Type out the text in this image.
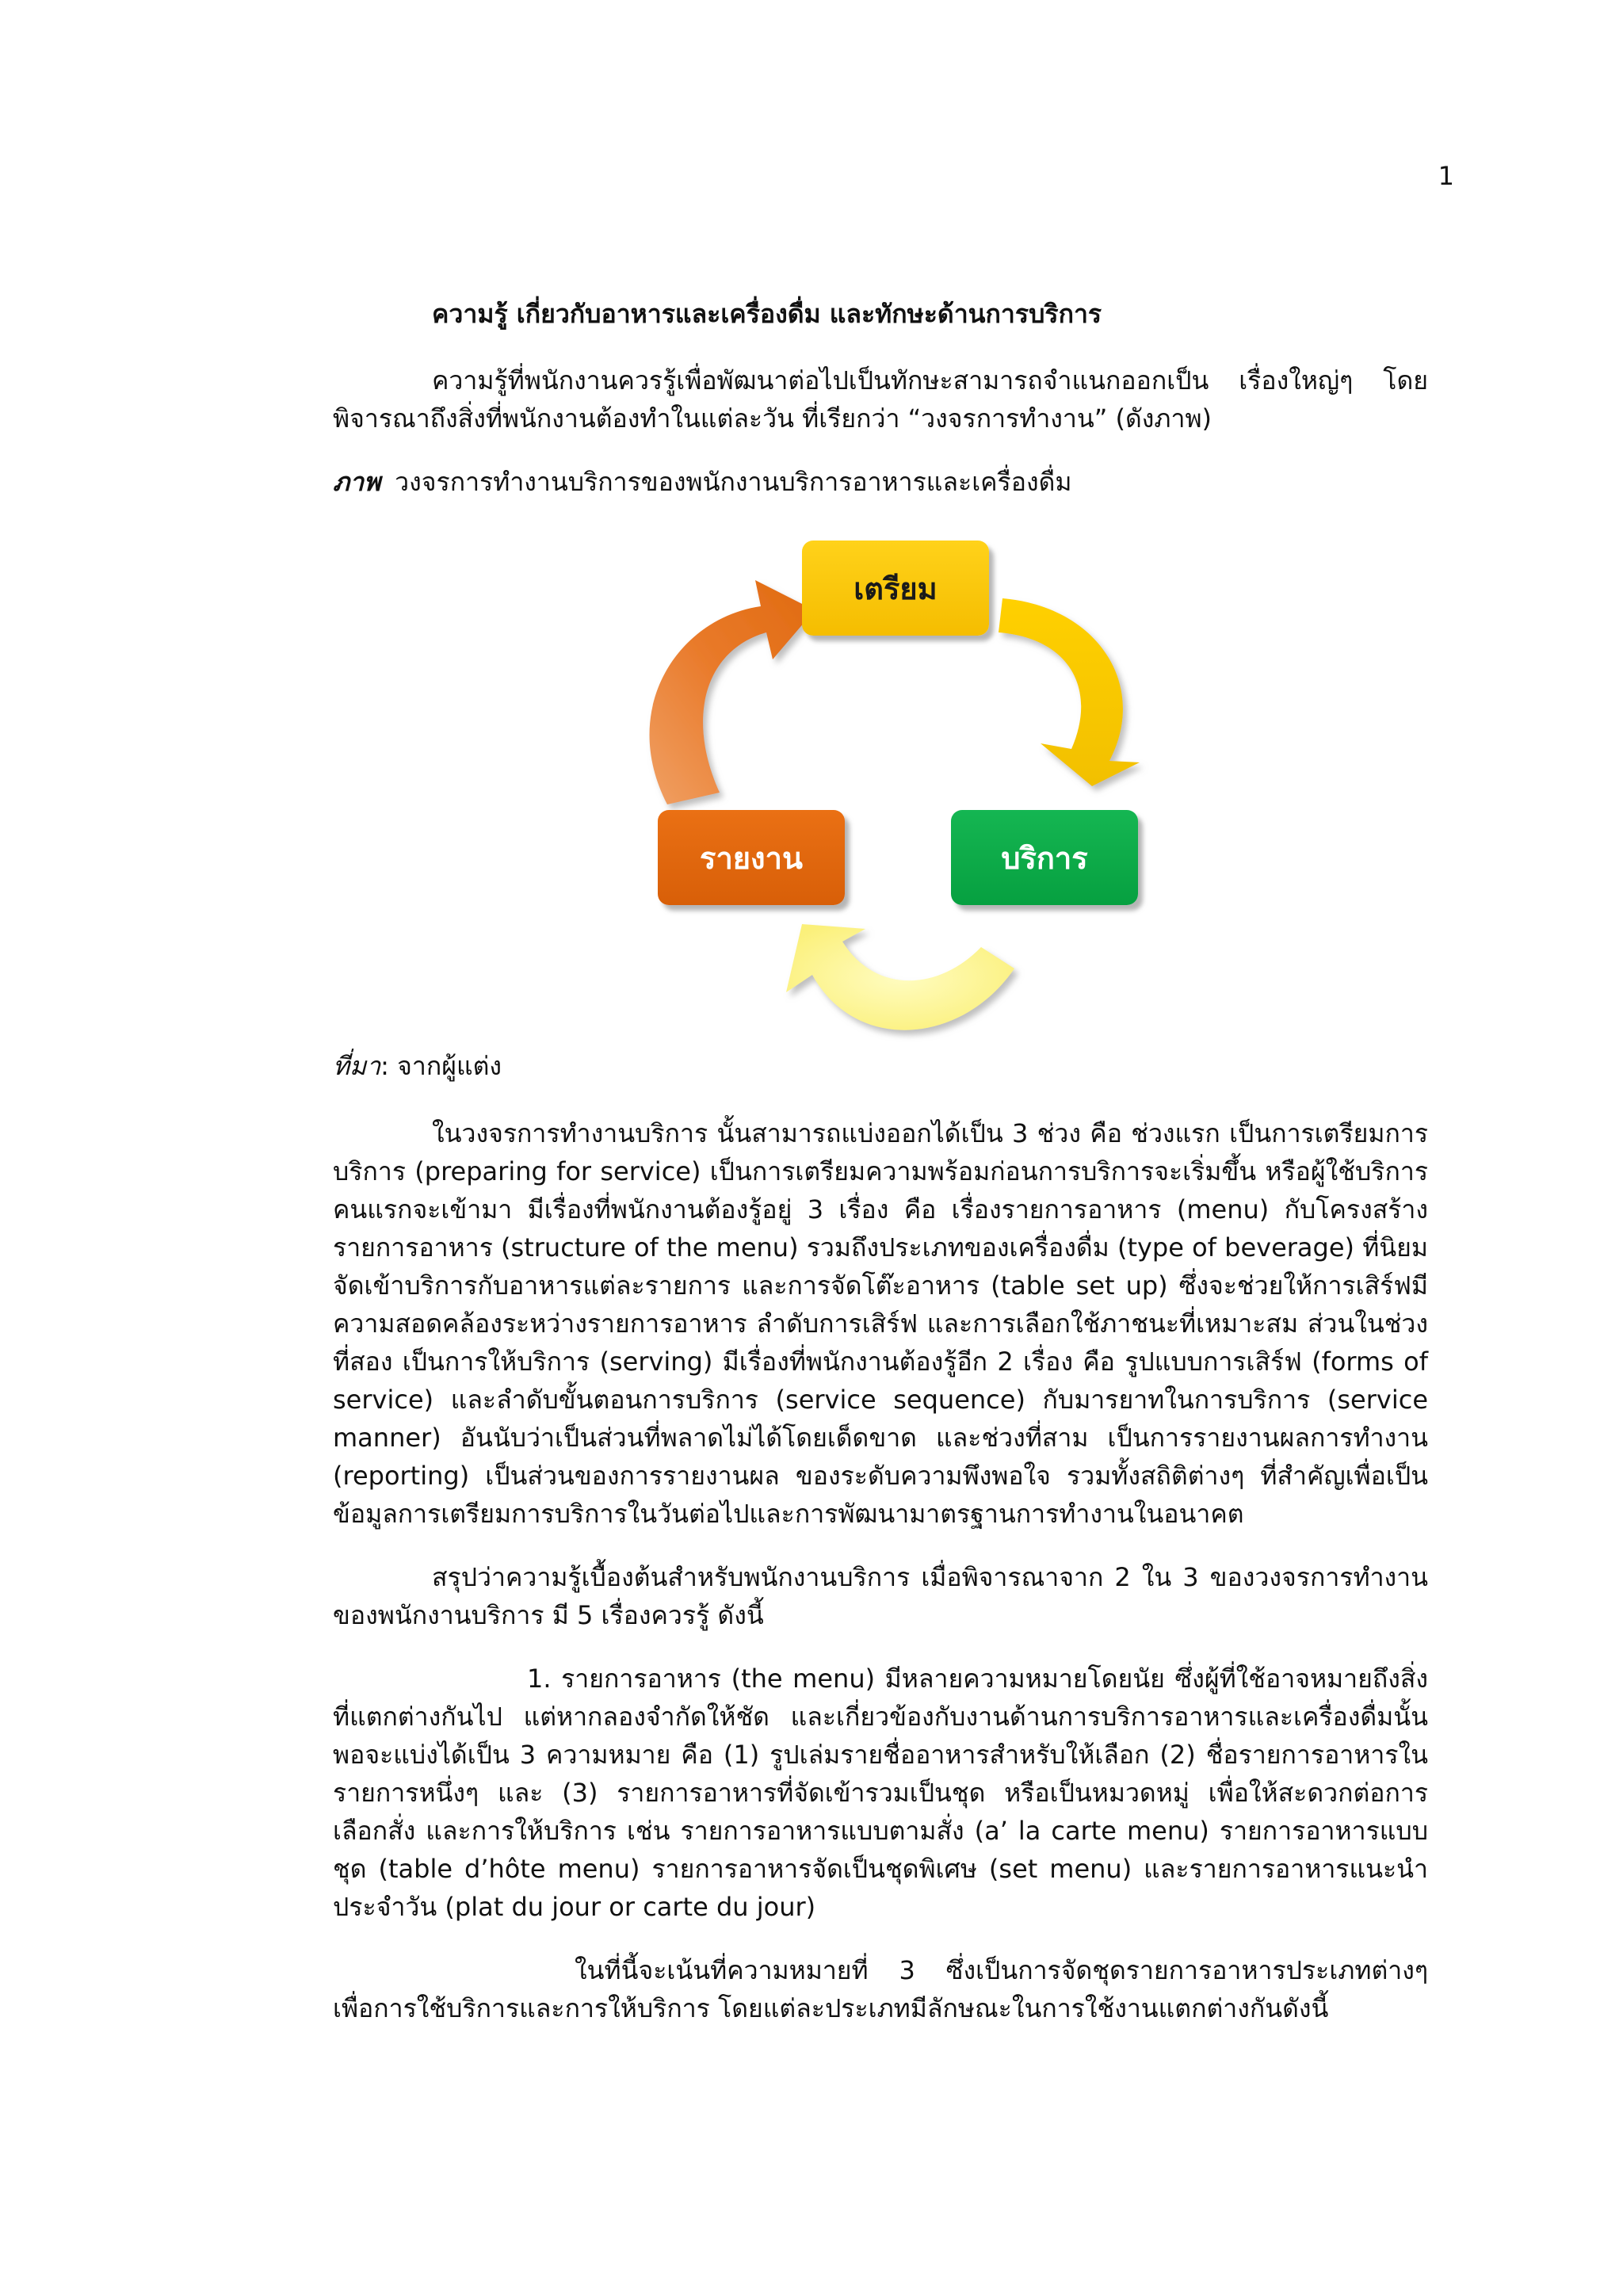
1
ความรู้ เกี่ยวกับอาหารและเครื่องดื่ม และทักษะด้านการบริการ
ความรู้ที่พนักงานควรรู้เพื่อพัฒนาต่อไปเป็นทักษะสามารถจำแนกออกเป็น เรื่องใหญ่ๆ โดยพิจารณาถึงสิ่งที่พนักงานต้องทำในแต่ละวัน ที่เรียกว่า “วงจรการทำงาน” (ดังภาพ)
ภาพ วงจรการทำงานบริการของพนักงานบริการอาหารและเครื่องดื่ม
เตรียม
บริการ
รายงาน
ที่มา: จากผู้แต่ง
ในวงจรการทำงานบริการ นั้นสามารถแบ่งออกได้เป็น 3 ช่วง คือ ช่วงแรก เป็นการเตรียมการบริการ (preparing for service) เป็นการเตรียมความพร้อมก่อนการบริการจะเริ่มขึ้น หรือผู้ใช้บริการคนแรกจะเข้ามา มีเรื่องที่พนักงานต้องรู้อยู่ 3 เรื่อง คือ เรื่องรายการอาหาร (menu) กับโครงสร้างรายการอาหาร (structure of the menu) รวมถึงประเภทของเครื่องดื่ม (type of beverage) ที่นิยมจัดเข้าบริการกับอาหารแต่ละรายการ และการจัดโต๊ะอาหาร (table set up) ซึ่งจะช่วยให้การเสิร์ฟมีความสอดคล้องระหว่างรายการอาหาร ลำดับการเสิร์ฟ และการเลือกใช้ภาชนะที่เหมาะสม ส่วนในช่วงที่สอง เป็นการให้บริการ (serving) มีเรื่องที่พนักงานต้องรู้อีก 2 เรื่อง คือ รูปแบบการเสิร์ฟ (forms of service) และลำดับขั้นตอนการบริการ (service sequence) กับมารยาทในการบริการ (service manner) อันนับว่าเป็นส่วนที่พลาดไม่ได้โดยเด็ดขาด และช่วงที่สาม เป็นการรายงานผลการทำงาน (reporting) เป็นส่วนของการรายงานผล ของระดับความพึงพอใจ รวมทั้งสถิติต่างๆ ที่สำคัญเพื่อเป็นข้อมูลการเตรียมการบริการในวันต่อไปและการพัฒนามาตรฐานการทำงานในอนาคต
สรุปว่าความรู้เบื้องต้นสำหรับพนักงานบริการ เมื่อพิจารณาจาก 2 ใน 3 ของวงจรการทำงานของพนักงานบริการ มี 5 เรื่องควรรู้ ดังนี้
1. รายการอาหาร (the menu) มีหลายความหมายโดยนัย ซึ่งผู้ที่ใช้อาจหมายถึงสิ่งที่แตกต่างกันไป แต่หากลองจำกัดให้ชัด และเกี่ยวข้องกับงานด้านการบริการอาหารและเครื่องดื่มนั้นพอจะแบ่งได้เป็น 3 ความหมาย คือ (1) รูปเล่มรายชื่ออาหารสำหรับให้เลือก (2) ชื่อรายการอาหารในรายการหนึ่งๆ และ (3) รายการอาหารที่จัดเข้ารวมเป็นชุด หรือเป็นหมวดหมู่ เพื่อให้สะดวกต่อการเลือกสั่ง และการให้บริการ เช่น รายการอาหารแบบตามสั่ง (a’ la carte menu) รายการอาหารแบบชุด (table d’hôte menu) รายการอาหารจัดเป็นชุดพิเศษ (set menu) และรายการอาหารแนะนำประจำวัน (plat du jour or carte du jour)
ในที่นี้จะเน้นที่ความหมายที่ 3 ซึ่งเป็นการจัดชุดรายการอาหารประเภทต่างๆ เพื่อการใช้บริการและการให้บริการ โดยแต่ละประเภทมีลักษณะในการใช้งานแตกต่างกันดังนี้
